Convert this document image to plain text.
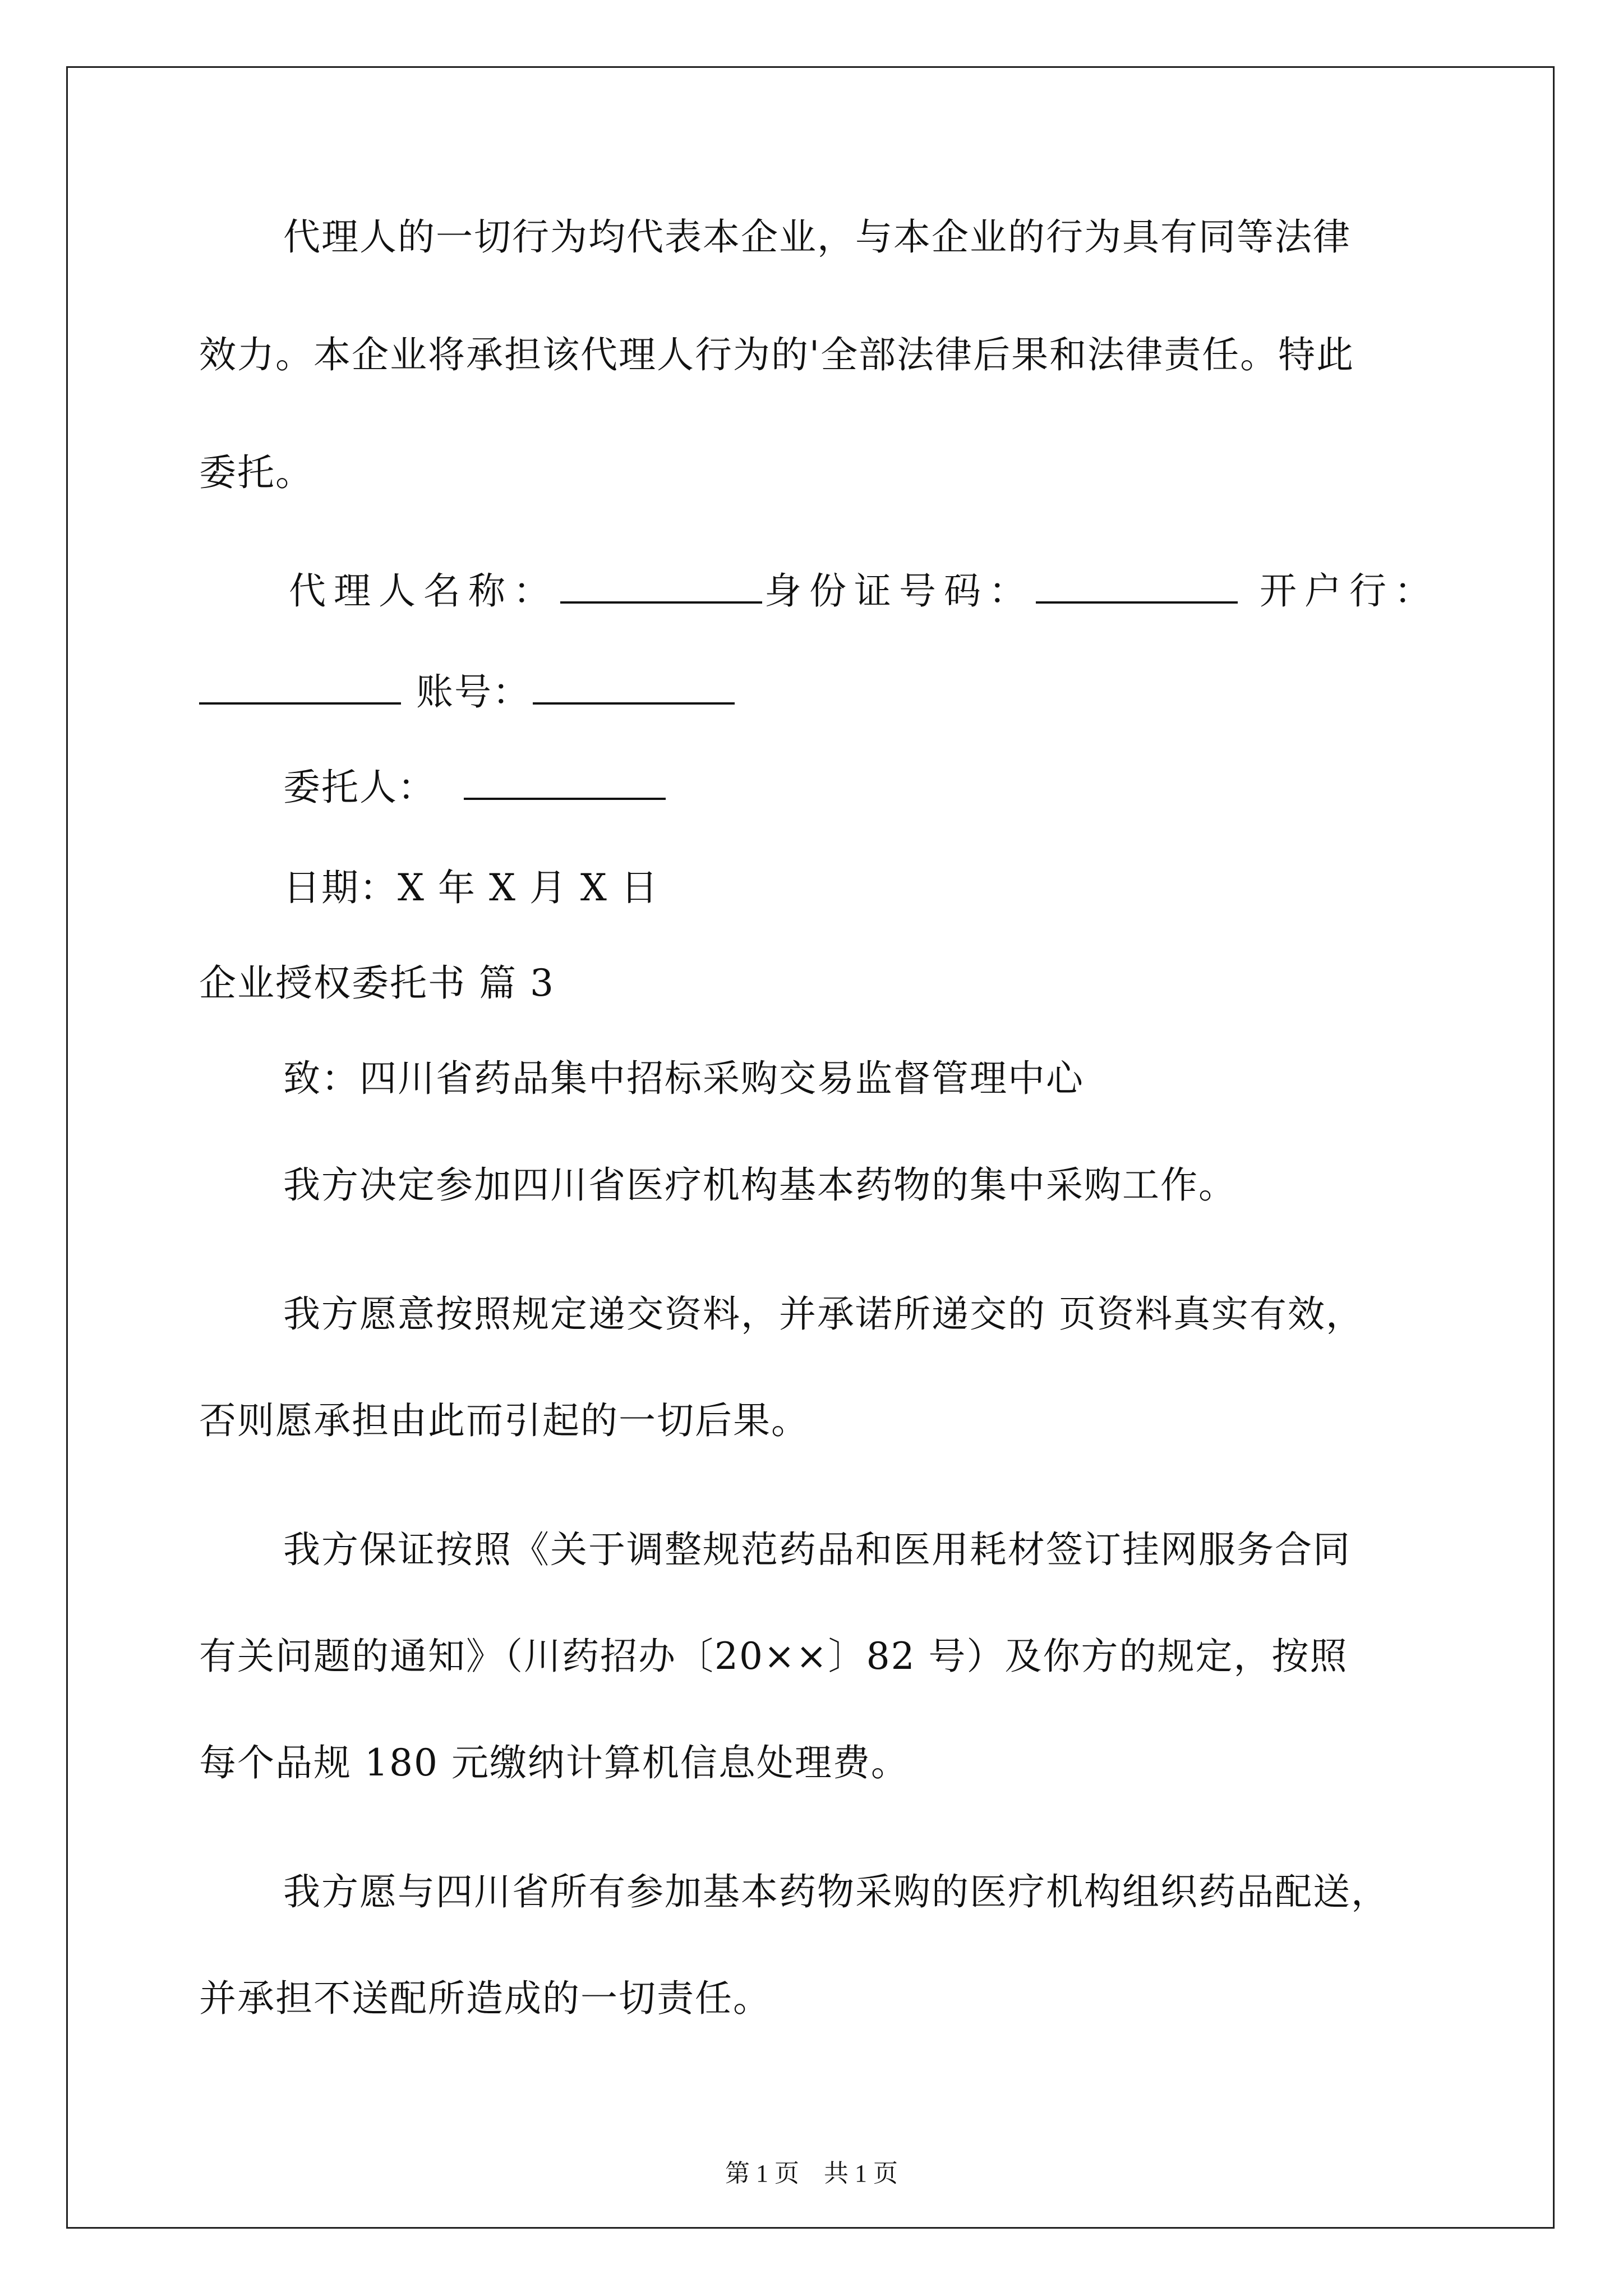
代理人的一切行为均代表本企业，与本企业的行为具有同等法律
效力。本企业将承担该代理人行为的'全部法律后果和法律责任。特此
委托。
代理人名称：	身份证号码：	开户行：
账号：
委托人：
日期：X 年 X 月 X 日
企业授权委托书 篇 3
致：四川省药品集中招标采购交易监督管理中心
我方决定参加四川省医疗机构基本药物的集中采购工作。
我方愿意按照规定递交资料，并承诺所递交的 页资料真实有效，
否则愿承担由此而引起的一切后果。
我方保证按照《关于调整规范药品和医用耗材签订挂网服务合同
有关问题的通知》（川药招办〔20××〕82 号）及你方的规定，按照
每个品规 180 元缴纳计算机信息处理费。
我方愿与四川省所有参加基本药物采购的医疗机构组织药品配送，
并承担不送配所造成的一切责任。
第 1 页    共 1 页
